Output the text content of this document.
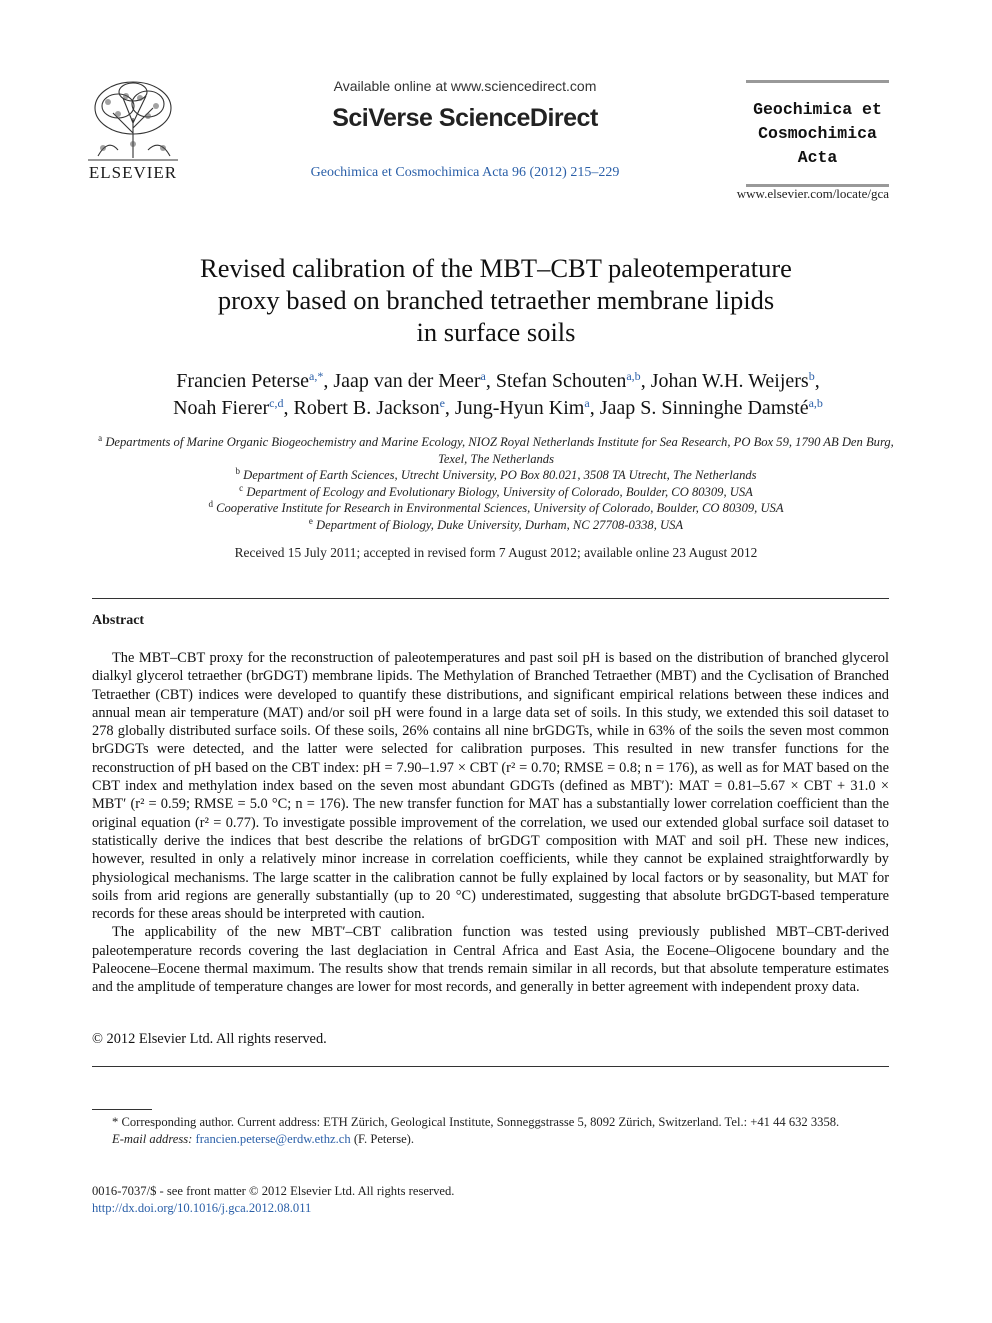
ELSEVIER
Available online at www.sciencedirect.com
SciVerse ScienceDirect
Geochimica et Cosmochimica Acta 96 (2012) 215–229
Geochimica et
Cosmochimica
Acta
www.elsevier.com/locate/gca
Revised calibration of the MBT–CBT paleotemperature
proxy based on branched tetraether membrane lipids
in surface soils
Francien Peterse$^{a,*}$, Jaap van der Meer$^a$, Stefan Schouten$^{a,b}$, Johan W.H. Weijers$^b$,
Noah Fierer$^{c,d}$, Robert B. Jackson$^e$, Jung-Hyun Kim$^a$, Jaap S. Sinninghe Damsté$^{a,b}$
$^a$ Departments of Marine Organic Biogeochemistry and Marine Ecology, NIOZ Royal Netherlands Institute for Sea Research, PO Box 59, 1790 AB Den Burg, Texel, The Netherlands
$^b$ Department of Earth Sciences, Utrecht University, PO Box 80.021, 3508 TA Utrecht, The Netherlands
$^c$ Department of Ecology and Evolutionary Biology, University of Colorado, Boulder, CO 80309, USA
$^d$ Cooperative Institute for Research in Environmental Sciences, University of Colorado, Boulder, CO 80309, USA
$^e$ Department of Biology, Duke University, Durham, NC 27708-0338, USA
Received 15 July 2011; accepted in revised form 7 August 2012; available online 23 August 2012
Abstract

The MBT–CBT proxy for the reconstruction of paleotemperatures and past soil pH is based on the distribution of branched glycerol dialkyl glycerol tetraether (brGDGT) membrane lipids. The Methylation of Branched Tetraether (MBT) and the Cyclisation of Branched Tetraether (CBT) indices were developed to quantify these distributions, and significant empirical relations between these indices and annual mean air temperature (MAT) and/or soil pH were found in a large data set of soils. In this study, we extended this soil dataset to 278 globally distributed surface soils. Of these soils, 26% contains all nine brGDGTs, while in 63% of the soils the seven most common brGDGTs were detected, and the latter were selected for calibration purposes. This resulted in new transfer functions for the reconstruction of pH based on the CBT index: pH = 7.90–1.97 × CBT (r² = 0.70; RMSE = 0.8; n = 176), as well as for MAT based on the CBT index and methylation index based on the seven most abundant GDGTs (defined as MBT′): MAT = 0.81–5.67 × CBT + 31.0 × MBT′ (r² = 0.59; RMSE = 5.0 °C; n = 176). The new transfer function for MAT has a substantially lower correlation coefficient than the original equation (r² = 0.77). To investigate possible improvement of the correlation, we used our extended global surface soil dataset to statistically derive the indices that best describe the relations of brGDGT composition with MAT and soil pH. These new indices, however, resulted in only a relatively minor increase in correlation coefficients, while they cannot be explained straightforwardly by physiological mechanisms. The large scatter in the calibration cannot be fully explained by local factors or by seasonality, but MAT for soils from arid regions are generally substantially (up to 20 °C) underestimated, suggesting that absolute brGDGT-based temperature records for these areas should be interpreted with caution.

The applicability of the new MBT′–CBT calibration function was tested using previously published MBT–CBT-derived paleotemperature records covering the last deglaciation in Central Africa and East Asia, the Eocene–Oligocene boundary and the Paleocene–Eocene thermal maximum. The results show that trends remain similar in all records, but that absolute temperature estimates and the amplitude of temperature changes are lower for most records, and generally in better agreement with independent proxy data.

© 2012 Elsevier Ltd. All rights reserved.
* Corresponding author. Current address: ETH Zürich, Geological Institute, Sonneggstrasse 5, 8092 Zürich, Switzerland. Tel.: +41 44 632 3358.
E-mail address: francien.peterse@erdw.ethz.ch (F. Peterse).
0016-7037/$ - see front matter © 2012 Elsevier Ltd. All rights reserved.
http://dx.doi.org/10.1016/j.gca.2012.08.011
